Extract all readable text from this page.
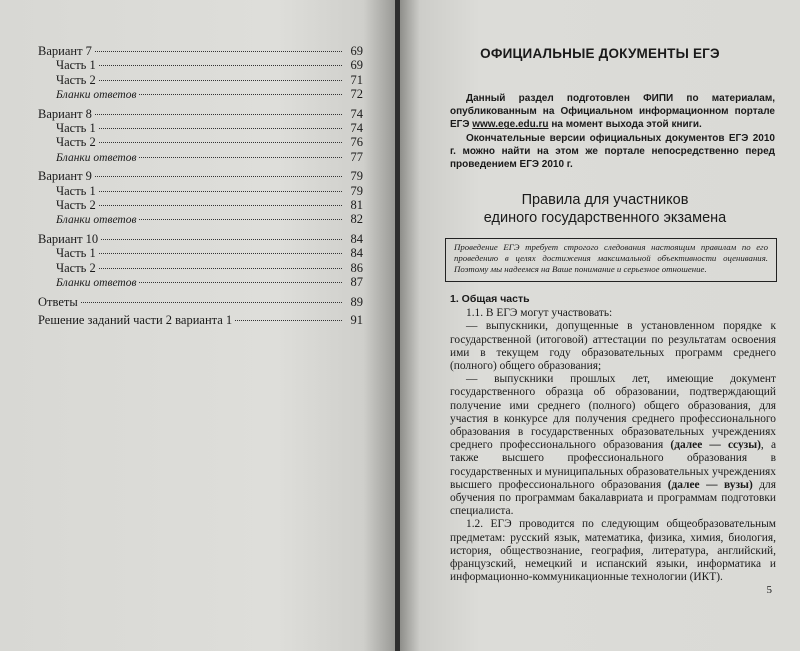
Вариант 7	69
Часть 1	69
Часть 2	71
Бланки ответов	72
Вариант 8	74
Часть 1	74
Часть 2	76
Бланки ответов	77
Вариант 9	79
Часть 1	79
Часть 2	81
Бланки ответов	82
Вариант 10	84
Часть 1	84
Часть 2	86
Бланки ответов	87
Ответы	89
Решение заданий части 2 варианта 1	91
ОФИЦИАЛЬНЫЕ ДОКУМЕНТЫ ЕГЭ

Данный раздел подготовлен ФИПИ по материалам, опубликованным на Официальном информационном портале ЕГЭ www.ege.edu.ru на момент выхода этой книги.

Окончательные версии официальных документов ЕГЭ 2010 г. можно найти на этом же портале непосредственно перед проведением ЕГЭ 2010 г.

Правила для участников
единого государственного экзамена
Проведение ЕГЭ требует строгого следования настоящим правилам по его проведению в целях достижения максимальной объективности оценивания. Поэтому мы надеемся на Ваше понимание и серьезное отношение.
1. Общая часть

1.1. В ЕГЭ могут участвовать:

— выпускники, допущенные в установленном порядке к государственной (итоговой) аттестации по результатам освоения ими в текущем году образовательных программ среднего (полного) общего образования;

— выпускники прошлых лет, имеющие документ государственного образца об образовании, подтверждающий получение ими среднего (полного) общего образования, для участия в конкурсе для получения среднего профессионального образования в государственных образовательных учреждениях среднего профессионального образования (далее — ссузы), а также высшего профессионального образования в государственных и муниципальных образовательных учреждениях высшего профессионального образования (далее — вузы) для обучения по программам бакалавриата и программам подготовки специалиста.

1.2. ЕГЭ проводится по следующим общеобразовательным предметам: русский язык, математика, физика, химия, биология, история, обществознание, география, литература, английский, французский, немецкий и испанский языки, информатика и информационно-коммуникационные технологии (ИКТ).

5
